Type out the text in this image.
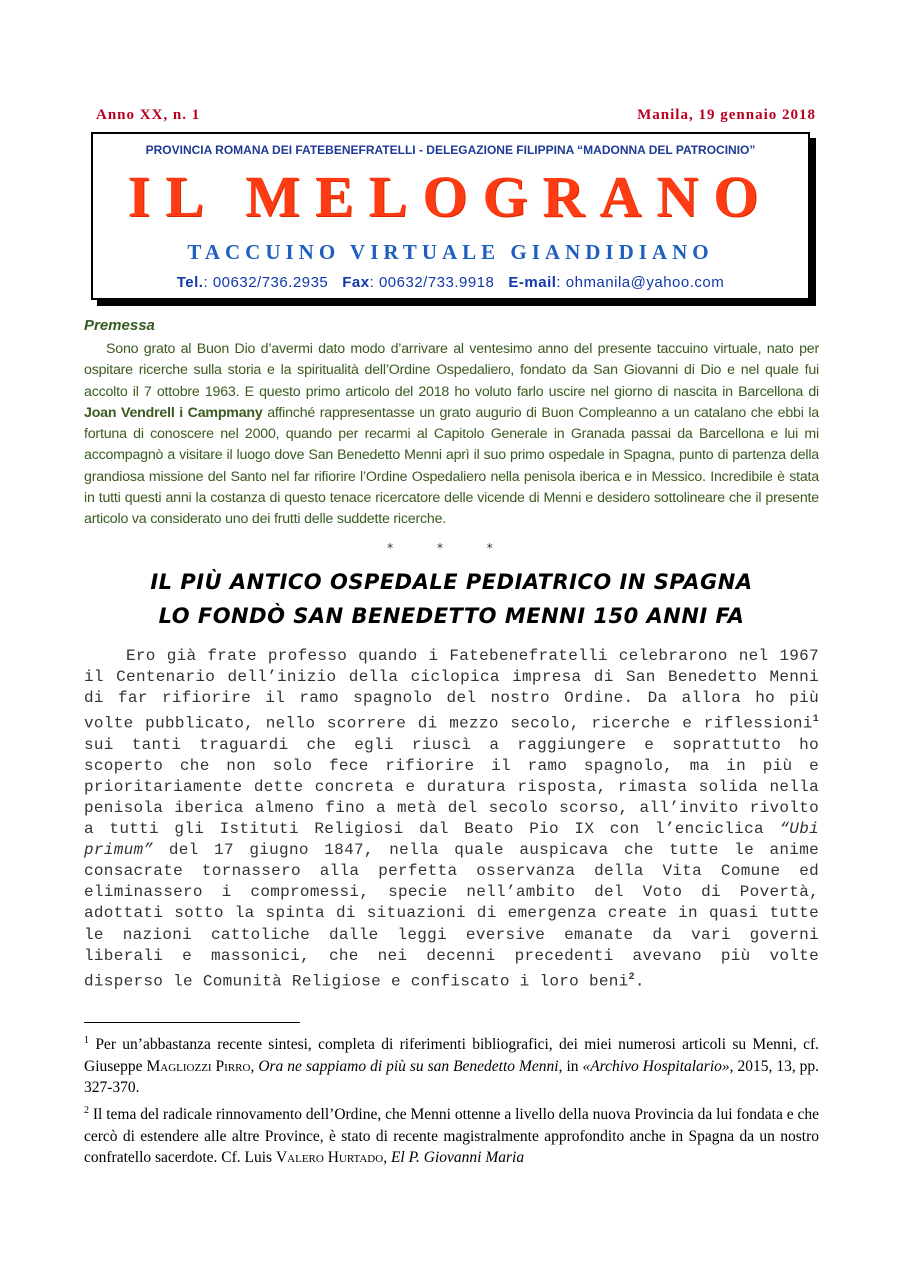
Anno XX, n. 1	Manila, 19 gennaio 2018
PROVINCIA ROMANA DEI FATEBENEFRATELLI - DELEGAZIONE FILIPPINA “MADONNA DEL PATROCINIO”
IL MELOGRANO
TACCUINO VIRTUALE GIANDIDIANO
Tel.: 00632/736.2935 Fax: 00632/733.9918 E-mail: ohmanila@yahoo.com
Premessa

Sono grato al Buon Dio d’avermi dato modo d’arrivare al ventesimo anno del presente taccuino virtuale, nato per ospitare ricerche sulla storia e la spiritualità dell’Ordine Ospedaliero, fondato da San Giovanni di Dio e nel quale fui accolto il 7 ottobre 1963. E questo primo articolo del 2018 ho voluto farlo uscire nel giorno di nascita in Barcellona di Joan Vendrell i Campmany affinché rappresentasse un grato augurio di Buon Compleanno a un catalano che ebbi la fortuna di conoscere nel 2000, quando per recarmi al Capitolo Generale in Granada passai da Barcellona e lui mi accompagnò a visitare il luogo dove San Benedetto Menni aprì il suo primo ospedale in Spagna, punto di partenza della grandiosa missione del Santo nel far rifiorire l’Ordine Ospedaliero nella penisola iberica e in Messico. Incredibile è stata in tutti questi anni la costanza di questo tenace ricercatore delle vicende di Menni e desidero sottolineare che il presente articolo va considerato uno dei frutti delle suddette ricerche.

* * *
IL PIÙ ANTICO OSPEDALE PEDIATRICO IN SPAGNA
LO FONDÒ SAN BENEDETTO MENNI 150 ANNI FA

Ero già frate professo quando i Fatebenefratelli celebrarono nel 1967 il Centenario dell’inizio della ciclopica impresa di San Benedetto Menni di far rifiorire il ramo spagnolo del nostro Ordine. Da allora ho più volte pubblicato, nello scorrere di mezzo secolo, ricerche e riflessioni$^1$ sui tanti traguardi che egli riuscì a raggiungere e soprattutto ho scoperto che non solo fece rifiorire il ramo spagnolo, ma in più e prioritariamente dette concreta e duratura risposta, rimasta solida nella penisola iberica almeno fino a metà del secolo scorso, all’invito rivolto a tutti gli Istituti Religiosi dal Beato Pio IX con l’enciclica “Ubi primum” del 17 giugno 1847, nella quale auspicava che tutte le anime consacrate tornassero alla perfetta osservanza della Vita Comune ed eliminassero i compromessi, specie nell’ambito del Voto di Povertà, adottati sotto la spinta di situazioni di emergenza create in quasi tutte le nazioni cattoliche dalle leggi eversive emanate da vari governi liberali e massonici, che nei decenni precedenti avevano più volte disperso le Comunità Religiose e confiscato i loro beni$^2$.

$^1$ Per un’abbastanza recente sintesi, completa di riferimenti bibliografici, dei miei numerosi articoli su Menni, cf. Giuseppe Magliozzi Pirro, Ora ne sappiamo di più su san Benedetto Menni, in «Archivo Hospitalario», 2015, 13, pp. 327-370.

$^2$ Il tema del radicale rinnovamento dell’Ordine, che Menni ottenne a livello della nuova Provincia da lui fondata e che cercò di estendere alle altre Province, è stato di recente magistralmente approfondito anche in Spagna da un nostro confratello sacerdote. Cf. Luis Valero Hurtado, El P. Giovanni Maria
